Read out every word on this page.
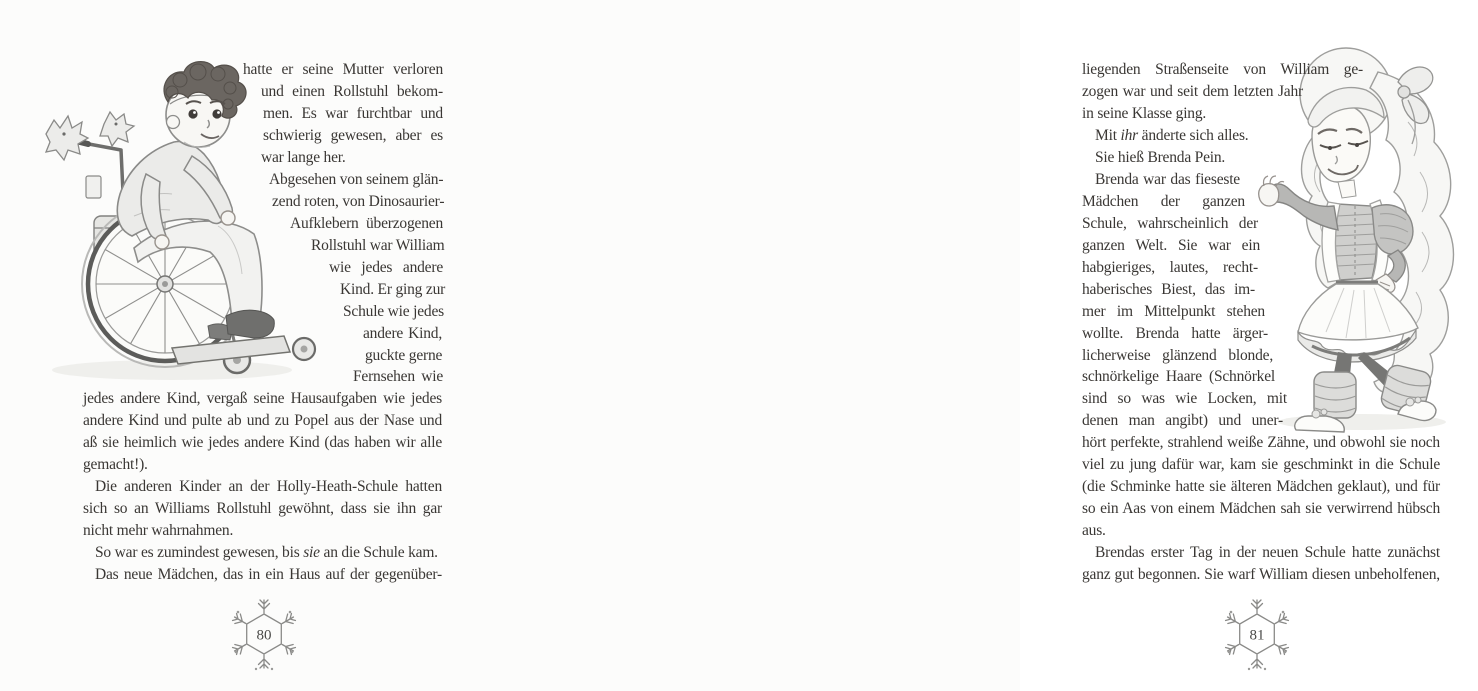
hatte er seine Mutter verloren
und einen Rollstuhl bekom-
men. Es war furchtbar und
schwierig gewesen, aber es
war lange her.
Abgesehen von seinem glän-
zend roten, von Dinosaurier-
Aufklebern überzogenen
Rollstuhl war William
wie jedes andere
Kind. Er ging zur
Schule wie jedes
andere Kind,
guckte gerne
Fernsehen wie
jedes andere Kind, vergaß seine Hausaufgaben wie jedes
andere Kind und pulte ab und zu Popel aus der Nase und
aß sie heimlich wie jedes andere Kind (das haben wir alle
gemacht!).
Die anderen Kinder an der Holly-Heath-Schule hatten
sich so an Williams Rollstuhl gewöhnt, dass sie ihn gar
nicht mehr wahrnahmen.
So war es zumindest gewesen, bis sie an die Schule kam.
Das neue Mädchen, das in ein Haus auf der gegenüber-
80
liegenden Straßenseite von William ge-
zogen war und seit dem letzten Jahr
in seine Klasse ging.
Mit ihr änderte sich alles.
Sie hieß Brenda Pein.
Brenda war das fieseste
Mädchen der ganzen
Schule, wahrscheinlich der
ganzen Welt. Sie war ein
habgieriges, lautes, recht-
haberisches Biest, das im-
mer im Mittelpunkt stehen
wollte. Brenda hatte ärger-
licherweise glänzend blonde,
schnörkelige Haare (Schnörkel
sind so was wie Locken, mit
denen man angibt) und uner-
hört perfekte, strahlend weiße Zähne, und obwohl sie noch
viel zu jung dafür war, kam sie geschminkt in die Schule
(die Schminke hatte sie älteren Mädchen geklaut), und für
so ein Aas von einem Mädchen sah sie verwirrend hübsch
aus.
Brendas erster Tag in der neuen Schule hatte zunächst
ganz gut begonnen. Sie warf William diesen unbeholfenen,
81
